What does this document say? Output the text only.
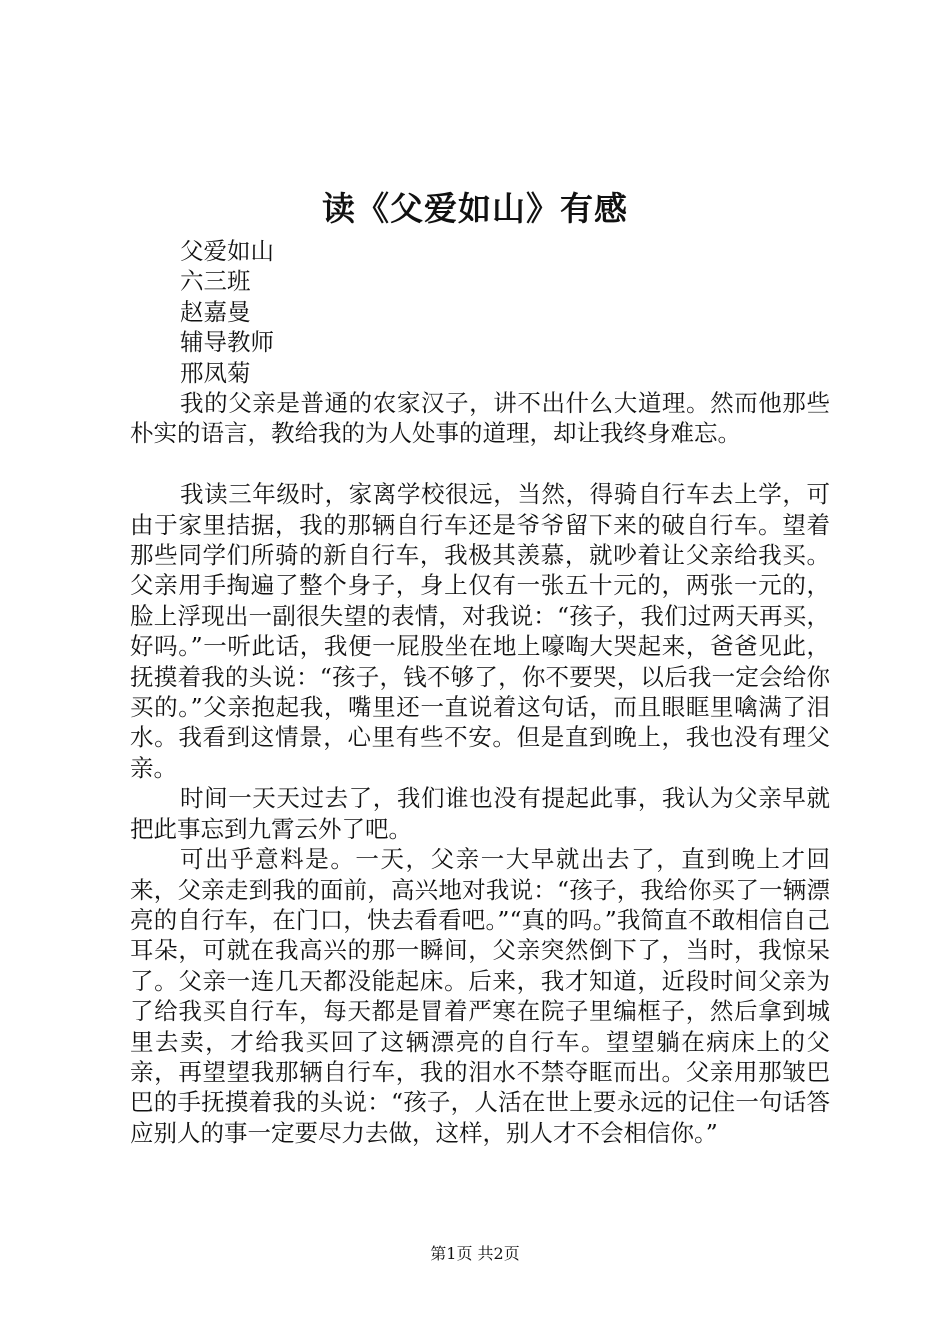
读《父爱如山》有感

父爱如山

六三班

赵嘉曼

辅导教师

邢凤菊

我的父亲是普通的农家汉子，讲不出什么大道理。然而他那些朴实的语言，教给我的为人处事的道理，却让我终身难忘。

我读三年级时，家离学校很远，当然，得骑自行车去上学，可由于家里拮据，我的那辆自行车还是爷爷留下来的破自行车。望着那些同学们所骑的新自行车，我极其羡慕，就吵着让父亲给我买。父亲用手掏遍了整个身子，身上仅有一张五十元的，两张一元的，脸上浮现出一副很失望的表情，对我说：“孩子，我们过两天再买，好吗。”一听此话，我便一屁股坐在地上嚎啕大哭起来，爸爸见此，抚摸着我的头说：“孩子，钱不够了，你不要哭，以后我一定会给你买的。”父亲抱起我，嘴里还一直说着这句话，而且眼眶里噙满了泪水。我看到这情景，心里有些不安。但是直到晚上，我也没有理父亲。

时间一天天过去了，我们谁也没有提起此事，我认为父亲早就把此事忘到九霄云外了吧。

可出乎意料是。一天，父亲一大早就出去了，直到晚上才回来，父亲走到我的面前，高兴地对我说：“孩子，我给你买了一辆漂亮的自行车，在门口，快去看看吧。”“真的吗。”我简直不敢相信自己耳朵，可就在我高兴的那一瞬间，父亲突然倒下了，当时，我惊呆了。父亲一连几天都没能起床。后来，我才知道，近段时间父亲为了给我买自行车，每天都是冒着严寒在院子里编框子，然后拿到城里去卖，才给我买回了这辆漂亮的自行车。望望躺在病床上的父亲，再望望我那辆自行车，我的泪水不禁夺眶而出。父亲用那皱巴巴的手抚摸着我的头说：“孩子，人活在世上要永远的记住一句话答应别人的事一定要尽力去做，这样，别人才不会相信你。”

第1页 共2页
